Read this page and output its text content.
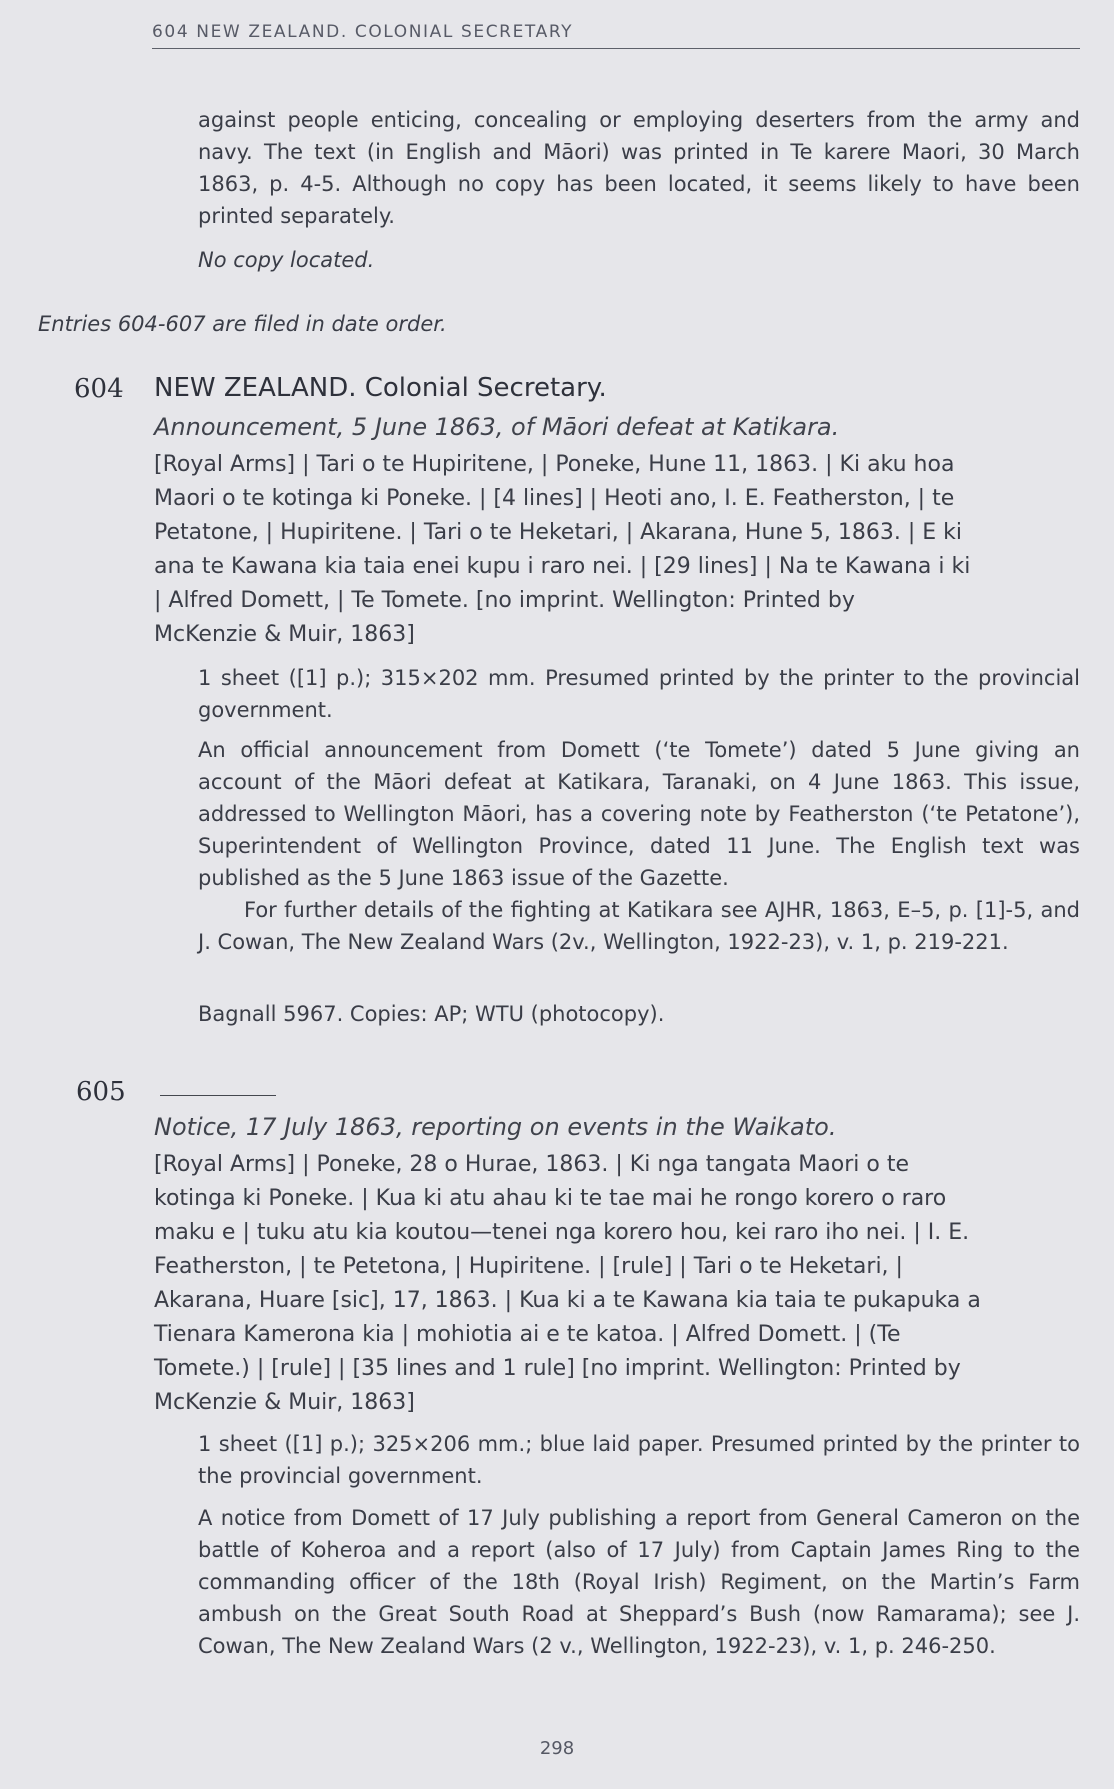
604 NEW ZEALAND. COLONIAL SECRETARY

against people enticing, concealing or employing deserters from the army and navy. The text (in English and Māori) was printed in Te karere Maori, 30 March 1863, p. 4-5. Although no copy has been located, it seems likely to have been printed separately.

No copy located.

Entries 604-607 are filed in date order.

604 NEW ZEALAND. Colonial Secretary.
Announcement, 5 June 1863, of Māori defeat at Katikara.

[Royal Arms] | Tari o te Hupiritene, | Poneke, Hune 11, 1863. | Ki aku hoa
Maori o te kotinga ki Poneke. | [4 lines] | Heoti ano, I. E. Featherston, | te
Petatone, | Hupiritene. | Tari o te Heketari, | Akarana, Hune 5, 1863. | E ki
ana te Kawana kia taia enei kupu i raro nei. | [29 lines] | Na te Kawana i ki
| Alfred Domett, | Te Tomete. [no imprint. Wellington: Printed by
McKenzie & Muir, 1863]

1 sheet ([1] p.); 315×202 mm. Presumed printed by the printer to the provincial government.

An official announcement from Domett (‘te Tomete’) dated 5 June giving an account of the Māori defeat at Katikara, Taranaki, on 4 June 1863. This issue, addressed to Wellington Māori, has a covering note by Featherston (‘te Petatone’), Superintendent of Wellington Province, dated 11 June. The English text was published as the 5 June 1863 issue of the Gazette.

For further details of the fighting at Katikara see AJHR, 1863, E–5, p. [1]-5, and J. Cowan, The New Zealand Wars (2v., Wellington, 1922-23), v. 1, p. 219-221.

Bagnall 5967. Copies: AP; WTU (photocopy).

605
Notice, 17 July 1863, reporting on events in the Waikato.

[Royal Arms] | Poneke, 28 o Hurae, 1863. | Ki nga tangata Maori o te
kotinga ki Poneke. | Kua ki atu ahau ki te tae mai he rongo korero o raro
maku e | tuku atu kia koutou—tenei nga korero hou, kei raro iho nei. | I. E.
Featherston, | te Petetona, | Hupiritene. | [rule] | Tari o te Heketari, |
Akarana, Huare [sic], 17, 1863. | Kua ki a te Kawana kia taia te pukapuka a
Tienara Kamerona kia | mohiotia ai e te katoa. | Alfred Domett. | (Te
Tomete.) | [rule] | [35 lines and 1 rule] [no imprint. Wellington: Printed by
McKenzie & Muir, 1863]

1 sheet ([1] p.); 325×206 mm.; blue laid paper. Presumed printed by the printer to the provincial government.

A notice from Domett of 17 July publishing a report from General Cameron on the battle of Koheroa and a report (also of 17 July) from Captain James Ring to the commanding officer of the 18th (Royal Irish) Regiment, on the Martin’s Farm ambush on the Great South Road at Sheppard’s Bush (now Ramarama); see J. Cowan, The New Zealand Wars (2 v., Wellington, 1922-23), v. 1, p. 246-250.

298
